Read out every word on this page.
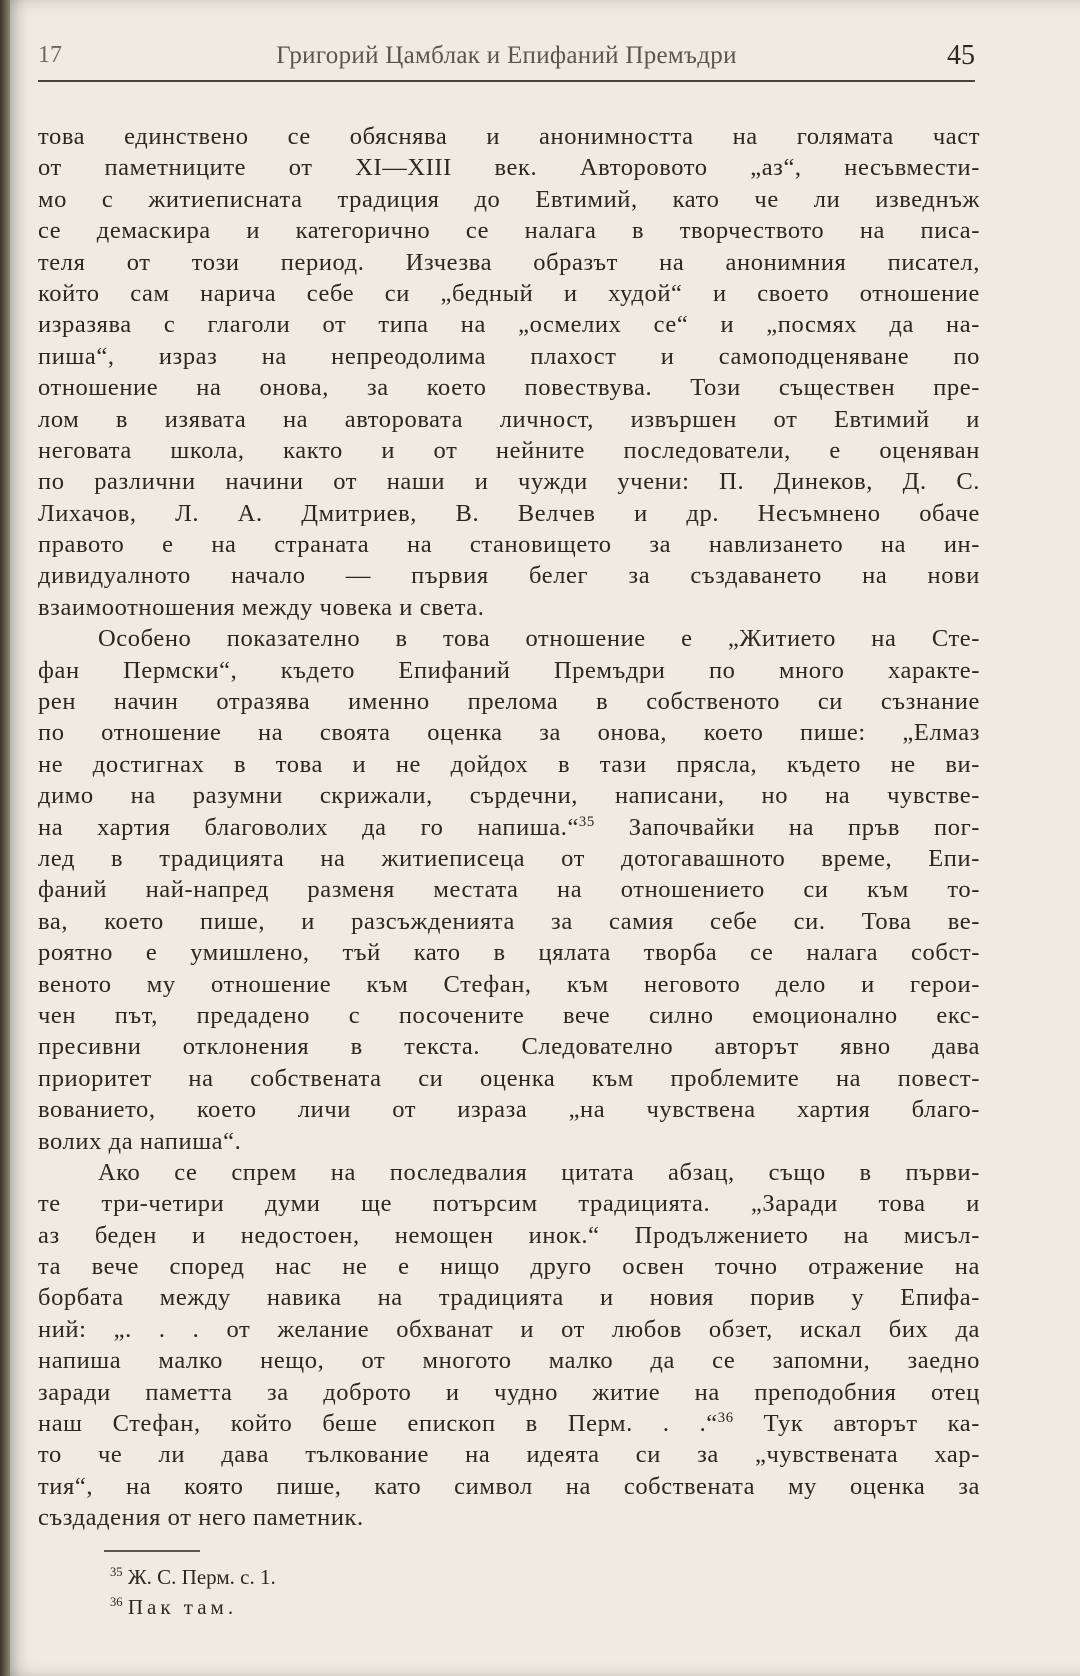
17	Григорий Цамблак и Епифаний Премъдри	45
това единствено се обяснява и анонимността на голямата част
от паметниците от XI—XIII век. Авторовото „аз“, несъвмести-
мо с житиеписната традиция до Евтимий, като че ли изведнъж
се демаскира и категорично се налага в творчеството на писа-
теля от този период. Изчезва образът на анонимния писател,
който сам нарича себе си „бедный и худой“ и своето отношение
изразява с глаголи от типа на „осмелих се“ и „посмях да на-
пиша“, израз на непреодолима плахост и самоподценяване по
отношение на онова, за което повествува. Този съществен пре-
лом в изявата на авторовата личност, извършен от Евтимий и
неговата школа, както и от нейните последователи, е оценяван
по различни начини от наши и чужди учени: П. Динеков, Д. С.
Лихачов, Л. А. Дмитриев, В. Велчев и др. Несъмнено обаче
правото е на страната на становището за навлизането на ин-
дивидуалното начало — първия белег за създаването на нови
взаимоотношения между човека и света.
Особено показателно в това отношение е „Житието на Сте-
фан Пермски“, където Епифаний Премъдри по много характе-
рен начин отразява именно прелома в собственото си съзнание
по отношение на своята оценка за онова, което пише: „Елмаз
не достигнах в това и не дойдох в тази прясла, където не ви-
димо на разумни скрижали, сърдечни, написани, но на чувстве-
на хартия благоволих да го напиша.“$^{35}$ Започвайки на пръв пог-
лед в традицията на житиеписеца от дотогавашното време, Епи-
фаний най-напред разменя местата на отношението си към то-
ва, което пише, и разсъжденията за самия себе си. Това ве-
роятно е умишлено, тъй като в цялата творба се налага собст-
веното му отношение към Стефан, към неговото дело и герои-
чен път, предадено с посочените вече силно емоционално екс-
пресивни отклонения в текста. Следователно авторът явно дава
приоритет на собствената си оценка към проблемите на повест-
вованието, което личи от израза „на чувствена хартия благо-
волих да напиша“.
Ако се спрем на последвалия цитата абзац, също в първи-
те три-четири думи ще потърсим традицията. „Заради това и
аз беден и недостоен, немощен инок.“ Продължението на мисъл-
та вече според нас не е нищо друго освен точно отражение на
борбата между навика на традицията и новия порив у Епифа-
ний: „. . . от желание обхванат и от любов обзет, искал бих да
напиша малко нещо, от многото малко да се запомни, заедно
заради паметта за доброто и чудно житие на преподобния отец
наш Стефан, който беше епископ в Перм. . .“$^{36}$ Тук авторът ка-
то че ли дава тълкование на идеята си за „чувствената хар-
тия“, на която пише, като символ на собствената му оценка за
създадения от него паметник.
$^{35}$ Ж. С. Перм. с. 1.
$^{36}$ Пак там.
